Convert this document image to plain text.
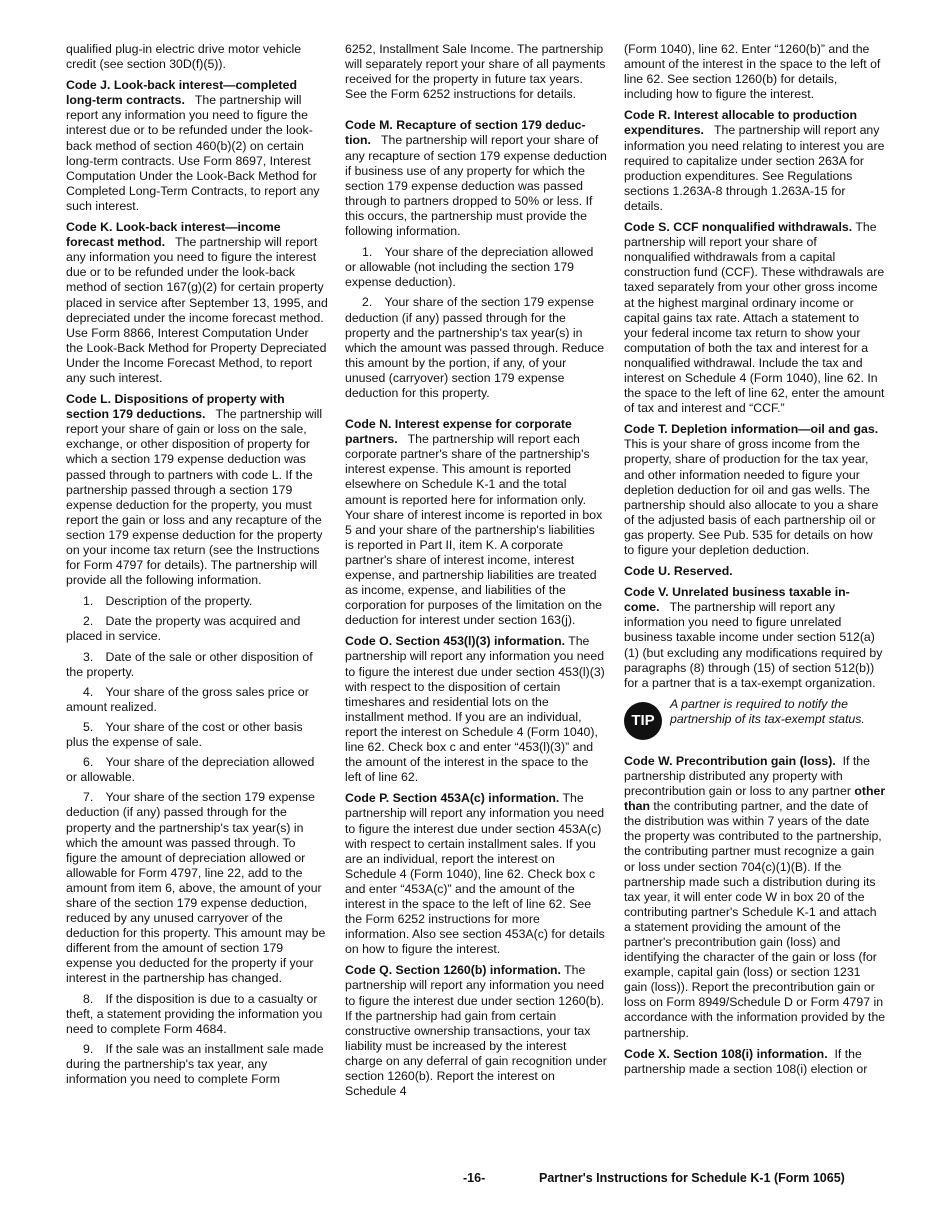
qualified plug-in electric drive motor vehicle credit (see section 30D(f)(5)).

Code J. Look-back interest—completed long-term contracts. The partnership will report any information you need to figure the interest due or to be refunded under the look-back method of section 460(b)(2) on certain long-term contracts. Use Form 8697, Interest Computation Under the Look-Back Method for Completed Long-Term Contracts, to report any such interest.

Code K. Look-back interest—income forecast method. The partnership will report any information you need to figure the interest due or to be refunded under the look-back method of section 167(g)(2) for certain property placed in service after September 13, 1995, and depreciated under the income forecast method. Use Form 8866, Interest Computation Under the Look-Back Method for Property Depreciated Under the Income Forecast Method, to report any such interest.

Code L. Dispositions of property with section 179 deductions. The partnership will report your share of gain or loss on the sale, exchange, or other disposition of property for which a section 179 expense deduction was passed through to partners with code L. If the partnership passed through a section 179 expense deduction for the property, you must report the gain or loss and any recapture of the section 179 expense deduction for the property on your income tax return (see the Instructions for Form 4797 for details). The partnership will provide all the following information.

1. Description of the property.

2. Date the property was acquired and placed in service.

3. Date of the sale or other disposition of the property.

4. Your share of the gross sales price or amount realized.

5. Your share of the cost or other basis plus the expense of sale.

6. Your share of the depreciation allowed or allowable.

7. Your share of the section 179 expense deduction (if any) passed through for the property and the partnership's tax year(s) in which the amount was passed through. To figure the amount of depreciation allowed or allowable for Form 4797, line 22, add to the amount from item 6, above, the amount of your share of the section 179 expense deduction, reduced by any unused carryover of the deduction for this property. This amount may be different from the amount of section 179 expense you deducted for the property if your interest in the partnership has changed.

8. If the disposition is due to a casualty or theft, a statement providing the information you need to complete Form 4684.

9. If the sale was an installment sale made during the partnership's tax year, any information you need to complete Form

6252, Installment Sale Income. The partnership will separately report your share of all payments received for the property in future tax years. See the Form 6252 instructions for details.

Code M. Recapture of section 179 deduc-tion. The partnership will report your share of any recapture of section 179 expense deduction if business use of any property for which the section 179 expense deduction was passed through to partners dropped to 50% or less. If this occurs, the partnership must provide the following information.

1. Your share of the depreciation allowed or allowable (not including the section 179 expense deduction).

2. Your share of the section 179 expense deduction (if any) passed through for the property and the partnership's tax year(s) in which the amount was passed through. Reduce this amount by the portion, if any, of your unused (carryover) section 179 expense deduction for this property.

Code N. Interest expense for corporate partners. The partnership will report each corporate partner's share of the partnership's interest expense. This amount is reported elsewhere on Schedule K-1 and the total amount is reported here for information only. Your share of interest income is reported in box 5 and your share of the partnership's liabilities is reported in Part II, item K. A corporate partner's share of interest income, interest expense, and partnership liabilities are treated as income, expense, and liabilities of the corporation for purposes of the limitation on the deduction for interest under section 163(j).

Code O. Section 453(l)(3) information. The partnership will report any information you need to figure the interest due under section 453(l)(3) with respect to the disposition of certain timeshares and residential lots on the installment method. If you are an individual, report the interest on Schedule 4 (Form 1040), line 62. Check box c and enter “453(l)(3)” and the amount of the interest in the space to the left of line 62.

Code P. Section 453A(c) information. The partnership will report any information you need to figure the interest due under section 453A(c) with respect to certain installment sales. If you are an individual, report the interest on Schedule 4 (Form 1040), line 62. Check box c and enter “453A(c)” and the amount of the interest in the space to the left of line 62. See the Form 6252 instructions for more information. Also see section 453A(c) for details on how to figure the interest.

Code Q. Section 1260(b) information. The partnership will report any information you need to figure the interest due under section 1260(b). If the partnership had gain from certain constructive ownership transactions, your tax liability must be increased by the interest charge on any deferral of gain recognition under section 1260(b). Report the interest on Schedule 4

(Form 1040), line 62. Enter “1260(b)” and the amount of the interest in the space to the left of line 62. See section 1260(b) for details, including how to figure the interest.

Code R. Interest allocable to production expenditures. The partnership will report any information you need relating to interest you are required to capitalize under section 263A for production expenditures. See Regulations sections 1.263A-8 through 1.263A-15 for details.

Code S. CCF nonqualified withdrawals. The partnership will report your share of nonqualified withdrawals from a capital construction fund (CCF). These withdrawals are taxed separately from your other gross income at the highest marginal ordinary income or capital gains tax rate. Attach a statement to your federal income tax return to show your computation of both the tax and interest for a nonqualified withdrawal. Include the tax and interest on Schedule 4 (Form 1040), line 62. In the space to the left of line 62, enter the amount of tax and interest and “CCF.”

Code T. Depletion information—oil and gas.   This is your share of gross income from the property, share of production for the tax year, and other information needed to figure your depletion deduction for oil and gas wells. The partnership should also allocate to you a share of the adjusted basis of each partnership oil or gas property. See Pub. 535 for details on how to figure your depletion deduction.

Code U. Reserved.

Code V. Unrelated business taxable in-come. The partnership will report any information you need to figure unrelated business taxable income under section 512(a)(1) (but excluding any modifications required by paragraphs (8) through (15) of section 512(b)) for a partner that is a tax-exempt organization.

TIP
A partner is required to notify the partnership of its tax-exempt status.

Code W. Precontribution gain (loss). If the partnership distributed any property with precontribution gain or loss to any partner other than the contributing partner, and the date of the distribution was within 7 years of the date the property was contributed to the partnership, the contributing partner must recognize a gain or loss under section 704(c)(1)(B). If the partnership made such a distribution during its tax year, it will enter code W in box 20 of the contributing partner's Schedule K-1 and attach a statement providing the amount of the partner's precontribution gain (loss) and identifying the character of the gain or loss (for example, capital gain (loss) or section 1231 gain (loss)). Report the precontribution gain or loss on Form 8949/Schedule D or Form 4797 in accordance with the information provided by the partnership.

Code X. Section 108(i) information. If the partnership made a section 108(i) election or

-16-	Partner's Instructions for Schedule K-1 (Form 1065)
